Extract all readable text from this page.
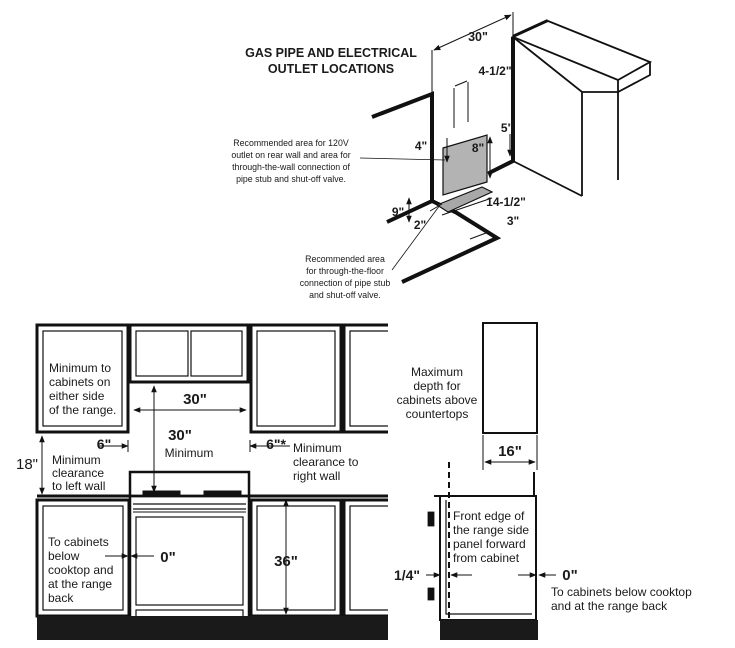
GAS PIPE AND ELECTRICAL
OUTLET LOCATIONS
30"
4-1/2"
4"
5"
8"
9"
2"
14-1/2"
3"
Recommended area for 120V
outlet on rear wall and area for
through-the-wall connection of
pipe stub and shut-off valve.
Recommended area
for through-the-floor
connection of pipe stub
and shut-off valve.
Minimum to
cabinets on
either side
of the range.
30"
30"
Minimum
6"	6"*
Minimum
clearance
to left wall
Minimum
clearance to
right wall
18"
To cabinets
below
cooktop and
at the range
back
0"	36"
Maximum
depth for
cabinets above
countertops
16"
Front edge of
the range side
panel forward
from cabinet
1/4"	0"
To cabinets below cooktop
and at the range back
